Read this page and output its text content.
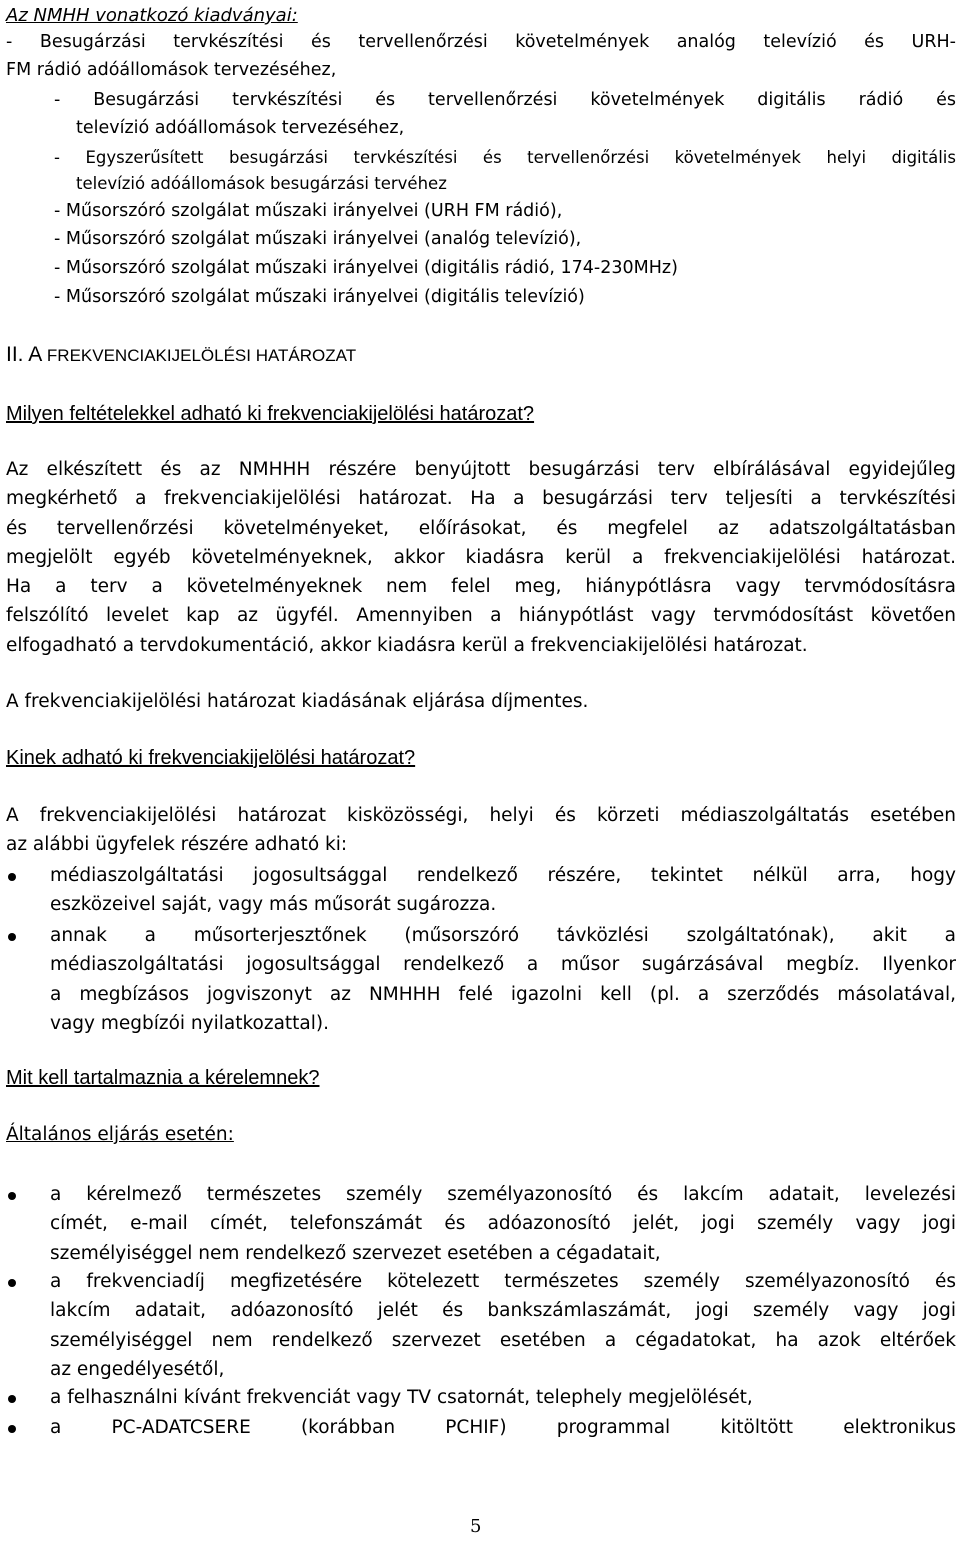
Az NMHH vonatkozó kiadványai:
- Besugárzási tervkészítési és tervellenőrzési követelmények analóg televízió és URH-
FM rádió adóállomások tervezéséhez,
- Besugárzási tervkészítési és tervellenőrzési követelmények digitális rádió és
televízió adóállomások tervezéséhez,
- Egyszerűsített besugárzási tervkészítési és tervellenőrzési követelmények helyi digitális
televízió adóállomások besugárzási tervéhez
- Műsorszóró szolgálat műszaki irányelvei (URH FM rádió),
- Műsorszóró szolgálat műszaki irányelvei (analóg televízió),
- Műsorszóró szolgálat műszaki irányelvei (digitális rádió, 174-230MHz)
- Műsorszóró szolgálat műszaki irányelvei (digitális televízió)
II. A FREKVENCIAKIJELÖLÉSI HATÁROZAT
Milyen feltételekkel adható ki frekvenciakijelölési határozat?
Az elkészített és az NMHHH részére benyújtott besugárzási terv elbírálásával egyidejűleg
megkérhető a frekvenciakijelölési határozat. Ha a besugárzási terv teljesíti a tervkészítési
és tervellenőrzési követelményeket, előírásokat, és megfelel az adatszolgáltatásban
megjelölt egyéb követelményeknek, akkor kiadásra kerül a frekvenciakijelölési határozat.
Ha a terv a követelményeknek nem felel meg, hiánypótlásra vagy tervmódosításra
felszólító levelet kap az ügyfél. Amennyiben a hiánypótlást vagy tervmódosítást követően
elfogadható a tervdokumentáció, akkor kiadásra kerül a frekvenciakijelölési határozat.
A frekvenciakijelölési határozat kiadásának eljárása díjmentes.
Kinek adható ki frekvenciakijelölési határozat?
A frekvenciakijelölési határozat kisközösségi, helyi és körzeti médiaszolgáltatás esetében
az alábbi ügyfelek részére adható ki:
médiaszolgáltatási jogosultsággal rendelkező részére, tekintet nélkül arra, hogy
eszközeivel saját, vagy más műsorát sugározza.
annak a műsorterjesztőnek (műsorszóró távközlési szolgáltatónak), akit a
médiaszolgáltatási jogosultsággal rendelkező a műsor sugárzásával megbíz. Ilyenkor
a megbízásos jogviszonyt az NMHHH felé igazolni kell (pl. a szerződés másolatával,
vagy megbízói nyilatkozattal).
Mit kell tartalmaznia a kérelemnek?
Általános eljárás esetén:
a kérelmező természetes személy személyazonosító és lakcím adatait, levelezési
címét, e-mail címét, telefonszámát és adóazonosító jelét, jogi személy vagy jogi
személyiséggel nem rendelkező szervezet esetében a cégadatait,
a frekvenciadíj megfizetésére kötelezett természetes személy személyazonosító és
lakcím adatait, adóazonosító jelét és bankszámlaszámát, jogi személy vagy jogi
személyiséggel nem rendelkező szervezet esetében a cégadatokat, ha azok eltérőek
az engedélyesétől,
a felhasználni kívánt frekvenciát vagy TV csatornát, telephely megjelölését,
a PC-ADATCSERE (korábban PCHIF) programmal kitöltött elektronikus
5
